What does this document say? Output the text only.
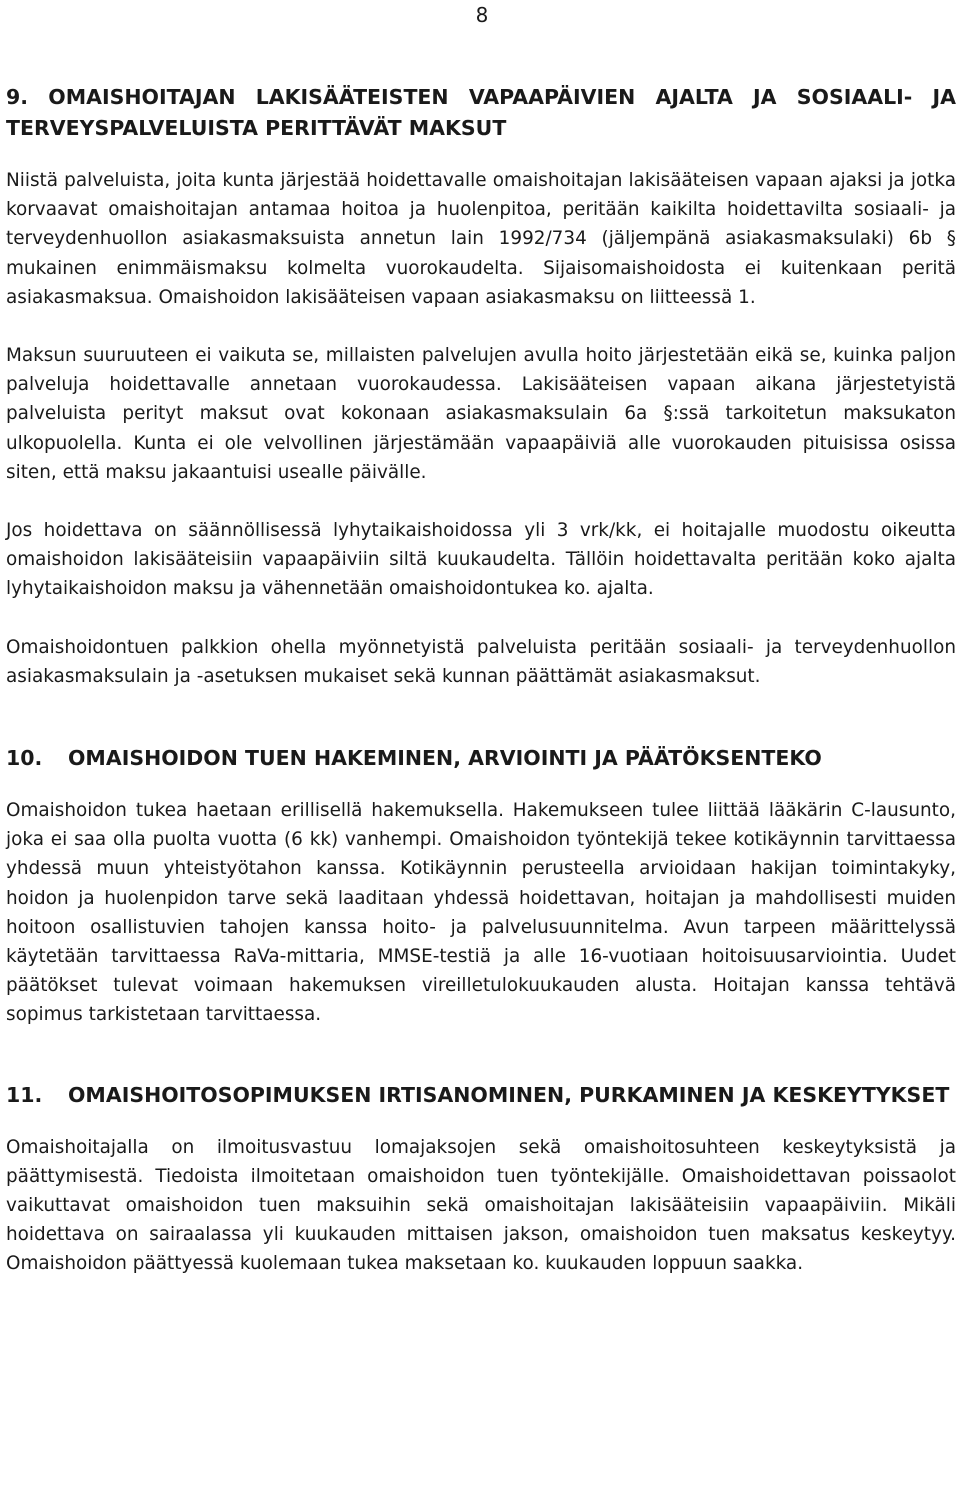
8
9. OMAISHOITAJAN LAKISÄÄTEISTEN VAPAAPÄIVIEN AJALTA JA SOSIAALI- JA TERVEYSPALVELUISTA PERITTÄVÄT MAKSUT

Niistä palveluista, joita kunta järjestää hoidettavalle omaishoitajan lakisääteisen vapaan ajaksi ja jotka korvaavat omaishoitajan antamaa hoitoa ja huolenpitoa, peritään kaikilta hoidettavilta sosiaali- ja terveydenhuollon asiakasmaksuista annetun lain 1992/734 (jäljempänä asiakasmaksulaki) 6b § mukainen enimmäismaksu kolmelta vuorokaudelta. Sijaisomaishoidosta ei kuitenkaan peritä asiakasmaksua. Omaishoidon lakisääteisen vapaan asiakasmaksu on liitteessä 1.

Maksun suuruuteen ei vaikuta se, millaisten palvelujen avulla hoito järjestetään eikä se, kuinka paljon palveluja hoidettavalle annetaan vuorokaudessa. Lakisääteisen vapaan aikana järjestetyistä palveluista perityt maksut ovat kokonaan asiakasmaksulain 6a §:ssä tarkoitetun maksukaton ulkopuolella. Kunta ei ole velvollinen järjestämään vapaapäiviä alle vuorokauden pituisissa osissa siten, että maksu jakaantuisi usealle päivälle.

Jos hoidettava on säännöllisessä lyhytaikaishoidossa yli 3 vrk/kk, ei hoitajalle muodostu oikeutta omaishoidon lakisääteisiin vapaapäiviin siltä kuukaudelta. Tällöin hoidettavalta peritään koko ajalta lyhytaikaishoidon maksu ja vähennetään omaishoidontukea ko. ajalta.

Omaishoidontuen palkkion ohella myönnetyistä palveluista peritään sosiaali- ja terveydenhuollon asiakasmaksulain ja -asetuksen mukaiset sekä kunnan päättämät asiakasmaksut.

10.	OMAISHOIDON TUEN HAKEMINEN, ARVIOINTI JA PÄÄTÖKSENTEKO

Omaishoidon tukea haetaan erillisellä hakemuksella. Hakemukseen tulee liittää lääkärin C-lausunto, joka ei saa olla puolta vuotta (6 kk) vanhempi. Omaishoidon työntekijä tekee kotikäynnin tarvittaessa yhdessä muun yhteistyötahon kanssa. Kotikäynnin perusteella arvioidaan hakijan toimintakyky, hoidon ja huolenpidon tarve sekä laaditaan yhdessä hoidettavan, hoitajan ja mahdollisesti muiden hoitoon osallistuvien tahojen kanssa hoito- ja palvelusuunnitelma. Avun tarpeen määrittelyssä käytetään tarvittaessa RaVa-mittaria, MMSE-testiä ja alle 16-vuotiaan hoitoisuusarviointia. Uudet päätökset tulevat voimaan hakemuksen vireilletulokuukauden alusta. Hoitajan kanssa tehtävä sopimus tarkistetaan tarvittaessa.

11.	OMAISHOITOSOPIMUKSEN IRTISANOMINEN, PURKAMINEN JA KESKEYTYKSET

Omaishoitajalla on ilmoitusvastuu lomajaksojen sekä omaishoitosuhteen keskeytyksistä ja päättymisestä. Tiedoista ilmoitetaan omaishoidon tuen työntekijälle. Omaishoidettavan poissaolot vaikuttavat omaishoidon tuen maksuihin sekä omaishoitajan lakisääteisiin vapaapäiviin. Mikäli hoidettava on sairaalassa yli kuukauden mittaisen jakson, omaishoidon tuen maksatus keskeytyy. Omaishoidon päättyessä kuolemaan tukea maksetaan ko. kuukauden loppuun saakka.
